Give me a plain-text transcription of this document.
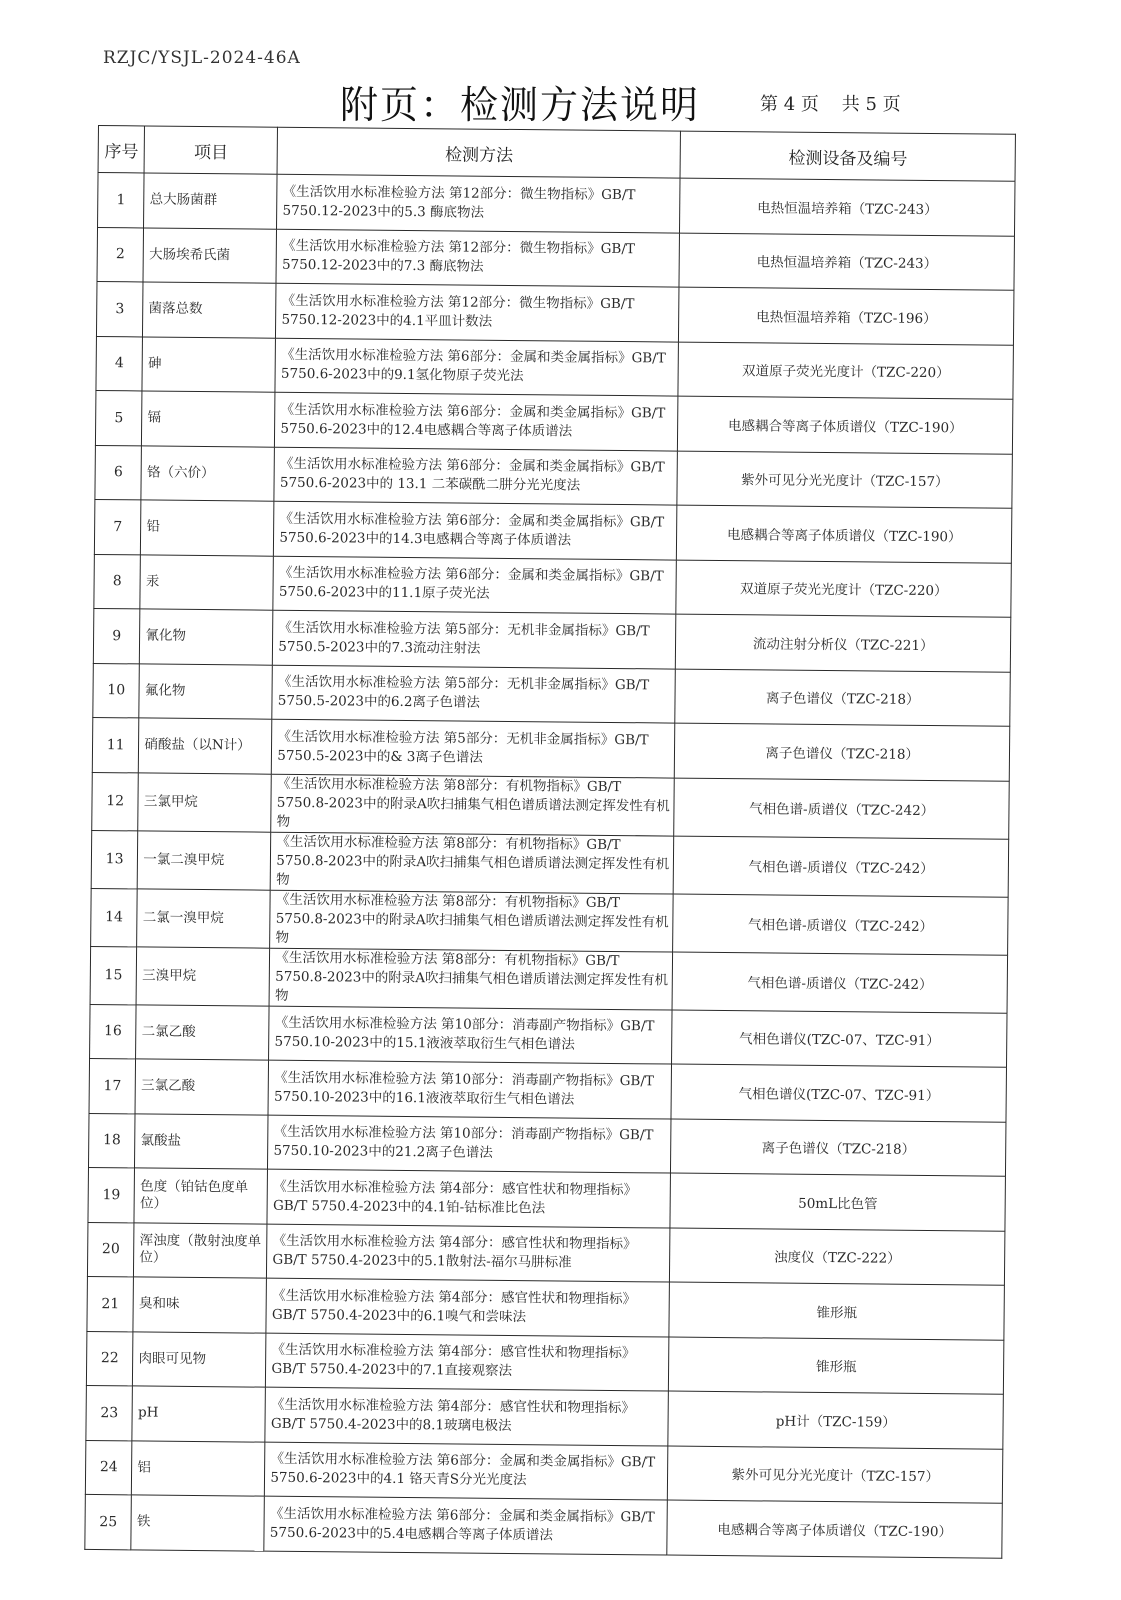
RZJC/YSJL-2024-46A
附页：检测方法说明	第 4 页    共 5 页
序号	项目	检测方法	检测设备及编号
1	总大肠菌群	《生活饮用水标准检验方法 第12部分：微生物指标》GB/T 5750.12-2023中的5.3 酶底物法	电热恒温培养箱（TZC-243）
2	大肠埃希氏菌	《生活饮用水标准检验方法 第12部分：微生物指标》GB/T 5750.12-2023中的7.3 酶底物法	电热恒温培养箱（TZC-243）
3	菌落总数	《生活饮用水标准检验方法 第12部分：微生物指标》GB/T 5750.12-2023中的4.1平皿计数法	电热恒温培养箱（TZC-196）
4	砷	《生活饮用水标准检验方法 第6部分：金属和类金属指标》GB/T 5750.6-2023中的9.1氢化物原子荧光法	双道原子荧光光度计（TZC-220）
5	镉	《生活饮用水标准检验方法 第6部分：金属和类金属指标》GB/T 5750.6-2023中的12.4电感耦合等离子体质谱法	电感耦合等离子体质谱仪（TZC-190）
6	铬（六价）	《生活饮用水标准检验方法 第6部分：金属和类金属指标》GB/T 5750.6-2023中的 13.1 二苯碳酰二肼分光光度法	紫外可见分光光度计（TZC-157）
7	铅	《生活饮用水标准检验方法 第6部分：金属和类金属指标》GB/T 5750.6-2023中的14.3电感耦合等离子体质谱法	电感耦合等离子体质谱仪（TZC-190）
8	汞	《生活饮用水标准检验方法 第6部分：金属和类金属指标》GB/T 5750.6-2023中的11.1原子荧光法	双道原子荧光光度计（TZC-220）
9	氰化物	《生活饮用水标准检验方法 第5部分：无机非金属指标》GB/T 5750.5-2023中的7.3流动注射法	流动注射分析仪（TZC-221）
10	氟化物	《生活饮用水标准检验方法 第5部分：无机非金属指标》GB/T 5750.5-2023中的6.2离子色谱法	离子色谱仪（TZC-218）
11	硝酸盐（以N计）	《生活饮用水标准检验方法 第5部分：无机非金属指标》GB/T 5750.5-2023中的& 3离子色谱法	离子色谱仪（TZC-218）
12	三氯甲烷	《生活饮用水标准检验方法 第8部分：有机物指标》GB/T 5750.8-2023中的附录A吹扫捕集气相色谱质谱法测定挥发性有机物	气相色谱-质谱仪（TZC-242）
13	一氯二溴甲烷	《生活饮用水标准检验方法 第8部分：有机物指标》GB/T 5750.8-2023中的附录A吹扫捕集气相色谱质谱法测定挥发性有机物	气相色谱-质谱仪（TZC-242）
14	二氯一溴甲烷	《生活饮用水标准检验方法 第8部分：有机物指标》GB/T 5750.8-2023中的附录A吹扫捕集气相色谱质谱法测定挥发性有机物	气相色谱-质谱仪（TZC-242）
15	三溴甲烷	《生活饮用水标准检验方法 第8部分：有机物指标》GB/T 5750.8-2023中的附录A吹扫捕集气相色谱质谱法测定挥发性有机物	气相色谱-质谱仪（TZC-242）
16	二氯乙酸	《生活饮用水标准检验方法 第10部分：消毒副产物指标》GB/T 5750.10-2023中的15.1液液萃取衍生气相色谱法	气相色谱仪(TZC-07、TZC-91）
17	三氯乙酸	《生活饮用水标准检验方法 第10部分：消毒副产物指标》GB/T 5750.10-2023中的16.1液液萃取衍生气相色谱法	气相色谱仪(TZC-07、TZC-91）
18	氯酸盐	《生活饮用水标准检验方法 第10部分：消毒副产物指标》GB/T 5750.10-2023中的21.2离子色谱法	离子色谱仪（TZC-218）
19	色度（铂钴色度单位）	《生活饮用水标准检验方法 第4部分：感官性状和物理指标》GB/T 5750.4-2023中的4.1铂-钴标准比色法	50mL比色管
20	浑浊度（散射浊度单位）	《生活饮用水标准检验方法 第4部分：感官性状和物理指标》GB/T 5750.4-2023中的5.1散射法-福尔马肼标准	浊度仪（TZC-222）
21	臭和味	《生活饮用水标准检验方法 第4部分：感官性状和物理指标》GB/T 5750.4-2023中的6.1嗅气和尝味法	锥形瓶
22	肉眼可见物	《生活饮用水标准检验方法 第4部分：感官性状和物理指标》GB/T 5750.4-2023中的7.1直接观察法	锥形瓶
23	pH	《生活饮用水标准检验方法 第4部分：感官性状和物理指标》GB/T 5750.4-2023中的8.1玻璃电极法	pH计（TZC-159）
24	铝	《生活饮用水标准检验方法 第6部分：金属和类金属指标》GB/T 5750.6-2023中的4.1 铬天青S分光光度法	紫外可见分光光度计（TZC-157）
25	铁	《生活饮用水标准检验方法 第6部分：金属和类金属指标》GB/T 5750.6-2023中的5.4电感耦合等离子体质谱法	电感耦合等离子体质谱仪（TZC-190）
